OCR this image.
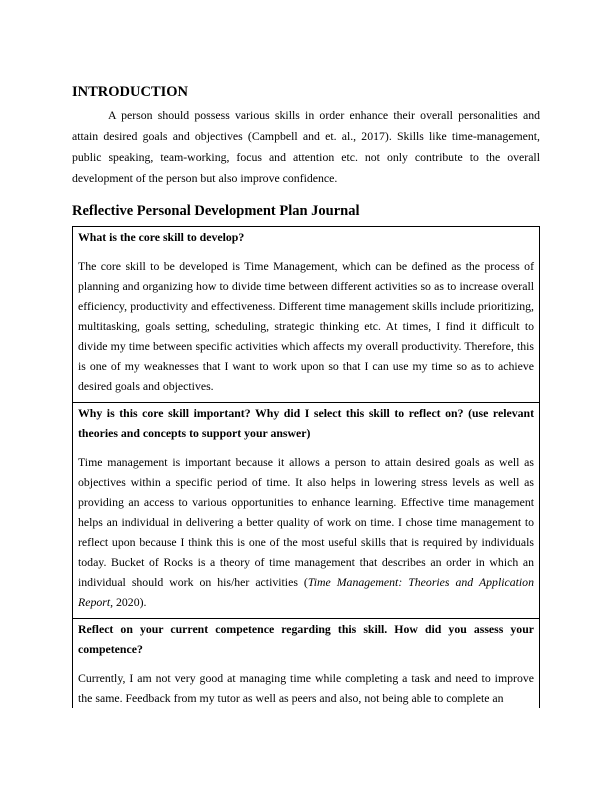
INTRODUCTION

A person should possess various skills in order enhance their overall personalities and attain desired goals and objectives (Campbell and et. al., 2017). Skills like time-management, public speaking, team-working, focus and attention etc. not only contribute to the overall development of the person but also improve confidence.

Reflective Personal Development Plan Journal

What is the core skill to develop?

The core skill to be developed is Time Management, which can be defined as the process of planning and organizing how to divide time between different activities so as to increase overall efficiency, productivity and effectiveness. Different time management skills include prioritizing, multitasking, goals setting, scheduling, strategic thinking etc. At times, I find it difficult to divide my time between specific activities which affects my overall productivity. Therefore, this is one of my weaknesses that I want to work upon so that I can use my time so as to achieve desired goals and objectives.

Why is this core skill important? Why did I select this skill to reflect on? (use relevant theories and concepts to support your answer)

Time management is important because it allows a person to attain desired goals as well as objectives within a specific period of time. It also helps in lowering stress levels as well as providing an access to various opportunities to enhance learning. Effective time management helps an individual in delivering a better quality of work on time. I chose time management to reflect upon because I think this is one of the most useful skills that is required by individuals today. Bucket of Rocks is a theory of time management that describes an order in which an individual should work on his/her activities (Time Management: Theories and Application Report, 2020).

Reflect on your current competence regarding this skill. How did you assess your competence?

Currently, I am not very good at managing time while completing a task and need to improve the same. Feedback from my tutor as well as peers and also, not being able to complete an
